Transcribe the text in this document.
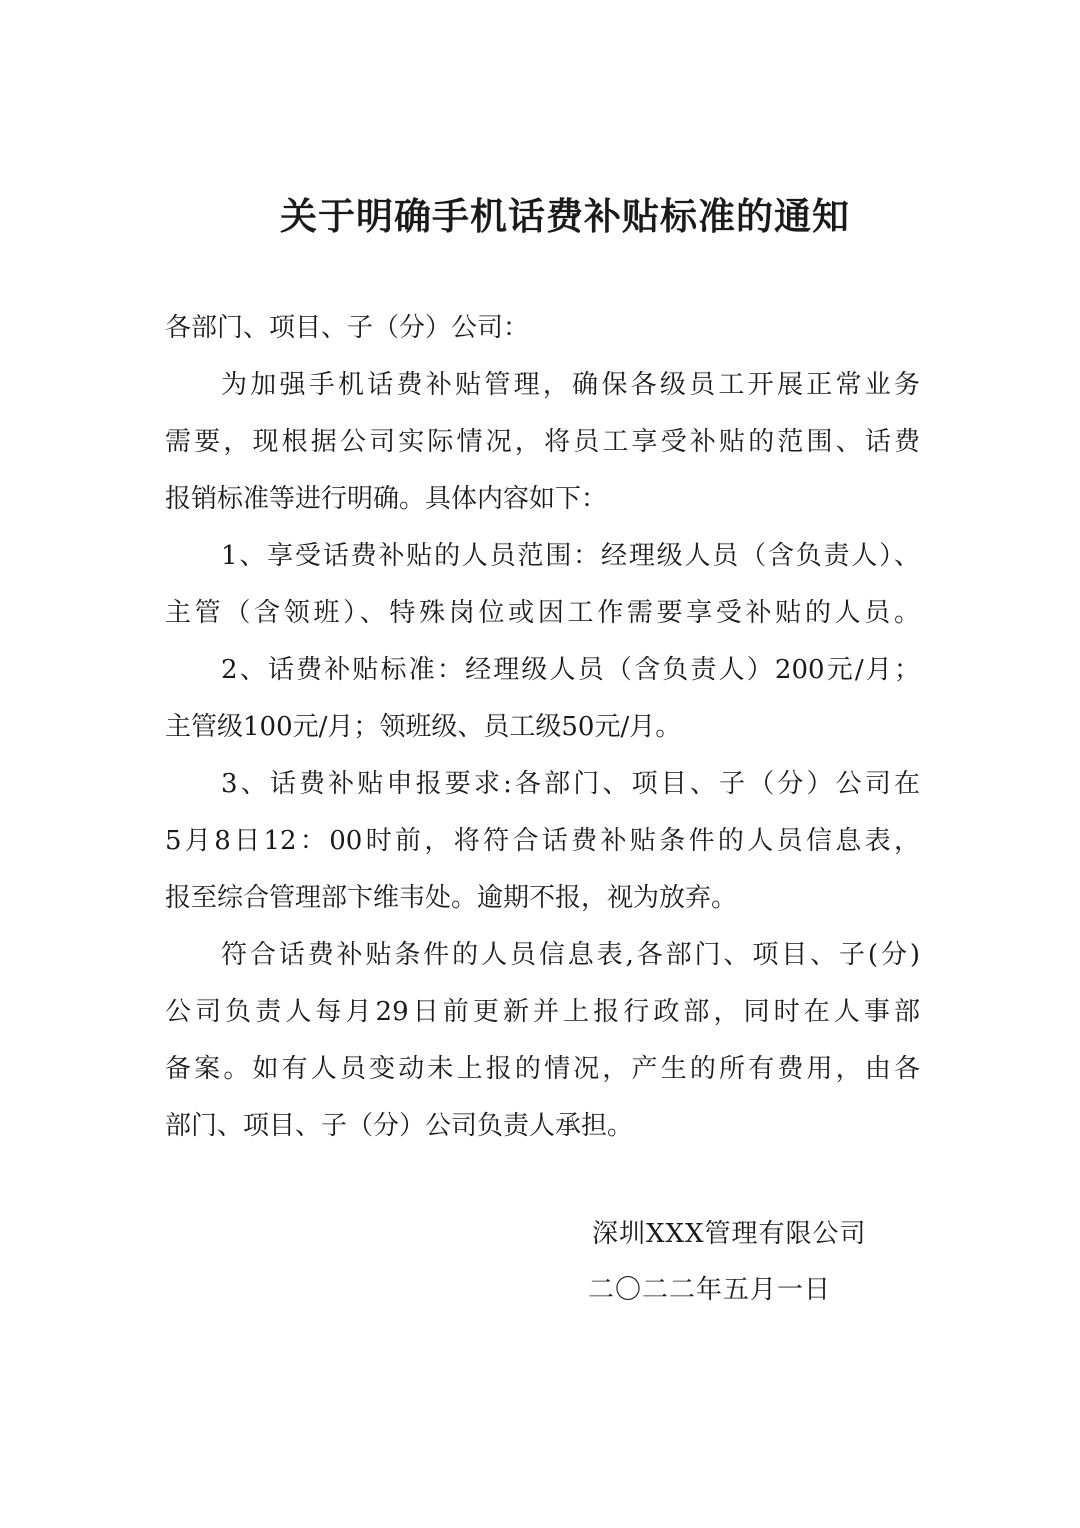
关于明确手机话费补贴标准的通知
各部门、项目、子（分）公司：
为加强手机话费补贴管理，确保各级员工开展正常业务
需要，现根据公司实际情况，将员工享受补贴的范围、话费
报销标准等进行明确。具体内容如下：
1、享受话费补贴的人员范围：经理级人员（含负责人）、
主管（含领班）、特殊岗位或因工作需要享受补贴的人员。
2、话费补贴标准：经理级人员（含负责人）200元/月；
主管级100元/月；领班级、员工级50元/月。
3、话费补贴申报要求:各部门、项目、子（分）公司在
5月8日12：00时前，将符合话费补贴条件的人员信息表，
报至综合管理部卞维韦处。逾期不报，视为放弃。
符合话费补贴条件的人员信息表,各部门、项目、子(分)
公司负责人每月29日前更新并上报行政部，同时在人事部
备案。如有人员变动未上报的情况，产生的所有费用，由各
部门、项目、子（分）公司负责人承担。
深圳XXX管理有限公司
二〇二二年五月一日
